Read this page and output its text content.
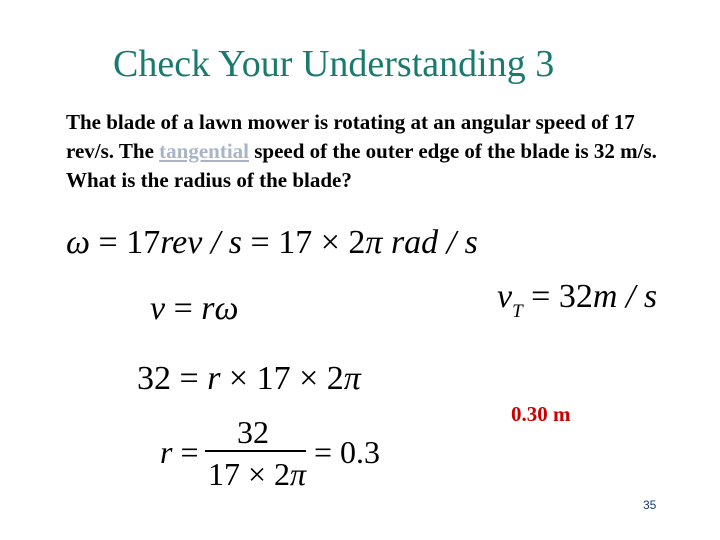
Check Your Understanding 3

The blade of a lawn mower is rotating at an angular speed of 17 rev/s. The tangential speed of the outer edge of the blade is 32 m/s. What is the radius of the blade?

ω = 17rev / s = 17 × 2π rad / s
$v_T = 32m / s$
v = rω
32 = r × 17 × 2π
r =
32
17 × 2π
= 0.3
0.30 m
35
